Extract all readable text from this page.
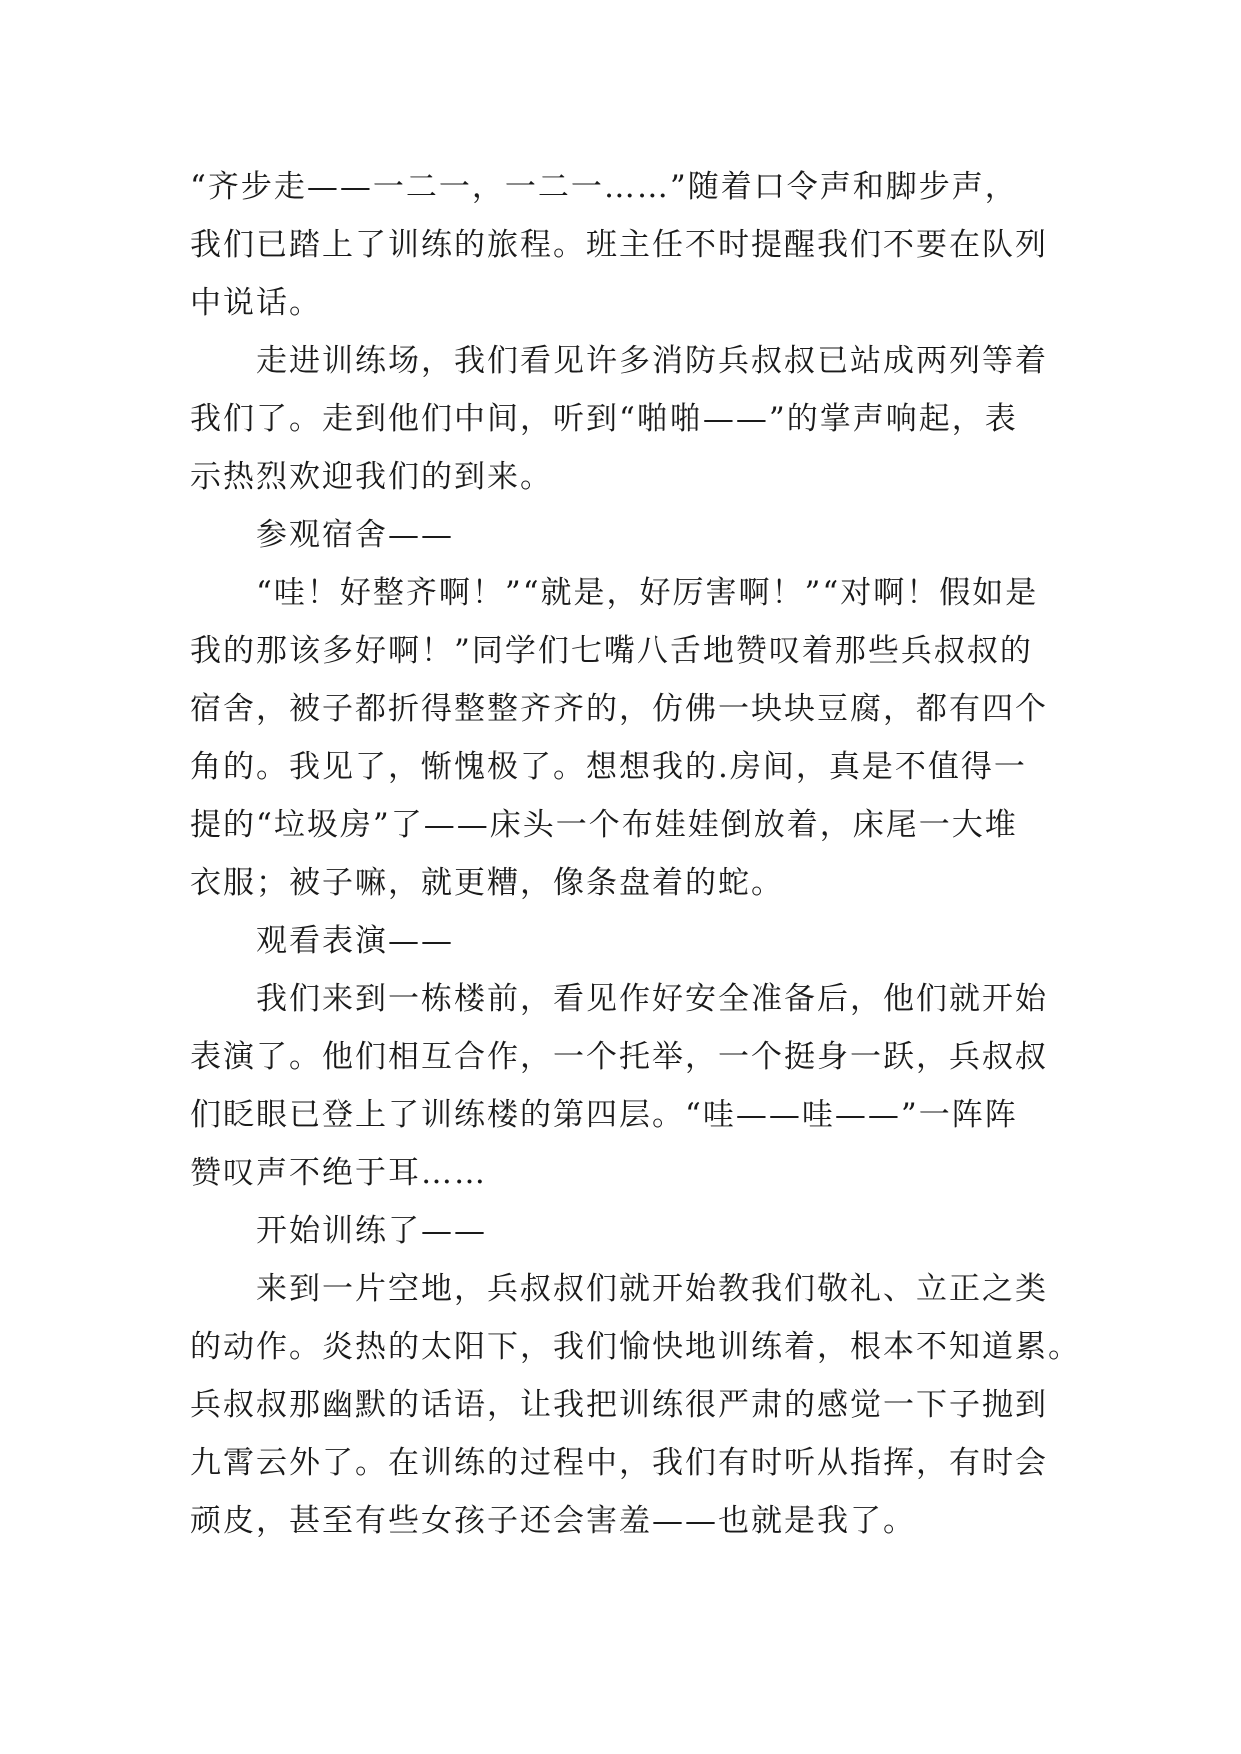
“齐步走——一二一，一二一……”随着口令声和脚步声，
我们已踏上了训练的旅程。班主任不时提醒我们不要在队列
中说话。
走进训练场，我们看见许多消防兵叔叔已站成两列等着
我们了。走到他们中间，听到“啪啪——”的掌声响起，表
示热烈欢迎我们的到来。
参观宿舍——
“哇！好整齐啊！”“就是，好厉害啊！”“对啊！假如是
我的那该多好啊！”同学们七嘴八舌地赞叹着那些兵叔叔的
宿舍，被子都折得整整齐齐的，仿佛一块块豆腐，都有四个
角的。我见了，惭愧极了。想想我的.房间，真是不值得一
提的“垃圾房”了——床头一个布娃娃倒放着，床尾一大堆
衣服；被子嘛，就更糟，像条盘着的蛇。
观看表演——
我们来到一栋楼前，看见作好安全准备后，他们就开始
表演了。他们相互合作，一个托举，一个挺身一跃，兵叔叔
们眨眼已登上了训练楼的第四层。“哇——哇——”一阵阵
赞叹声不绝于耳……
开始训练了——
来到一片空地，兵叔叔们就开始教我们敬礼、立正之类
的动作。炎热的太阳下，我们愉快地训练着，根本不知道累。
兵叔叔那幽默的话语，让我把训练很严肃的感觉一下子抛到
九霄云外了。在训练的过程中，我们有时听从指挥，有时会
顽皮，甚至有些女孩子还会害羞——也就是我了。
